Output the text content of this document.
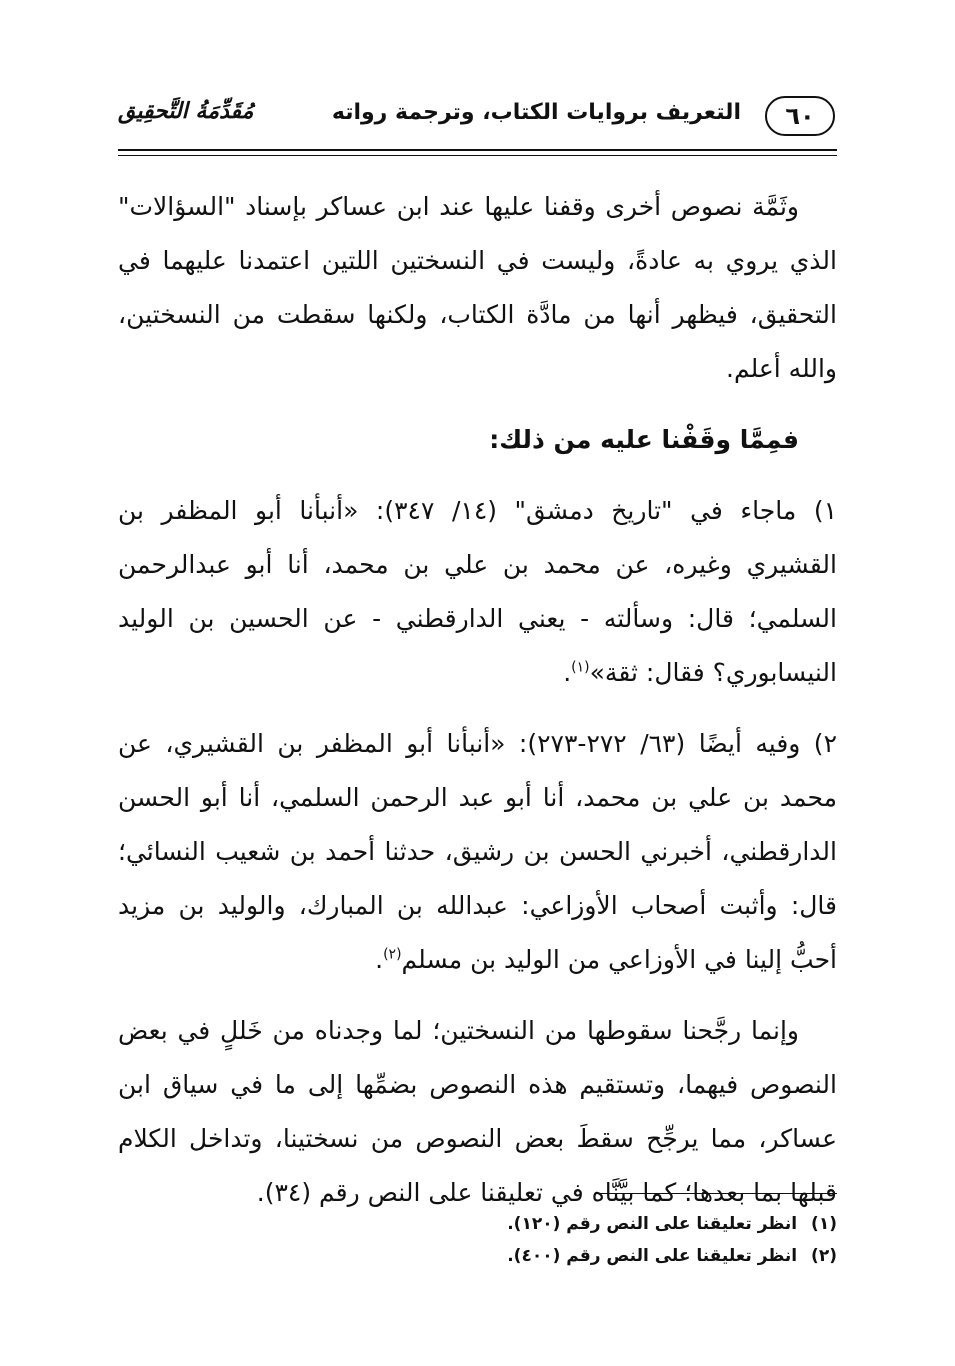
٦٠
التعريف بروايات الكتاب، وترجمة رواته
مُقَدِّمَةُ التَّحقِيق

وثَمَّة نصوص أخرى وقفنا عليها عند ابن عساكر بإسناد "السؤالات" الذي يروي به عادةً، وليست في النسختين اللتين اعتمدنا عليهما في التحقيق، فيظهر أنها من مادَّة الكتاب، ولكنها سقطت من النسختين، والله أعلم.

فمِمَّا وقَفْنا عليه من ذلك:

١) ماجاء في "تاريخ دمشق" (١٤/ ٣٤٧): «أنبأنا أبو المظفر بن القشيري وغيره، عن محمد بن علي بن محمد، أنا أبو عبدالرحمن السلمي؛ قال: وسألته - يعني الدارقطني - عن الحسين بن الوليد النيسابوري؟ فقال: ثقة»$^{(١)}$.

٢) وفيه أيضًا (٦٣/ ٢٧٢-٢٧٣): «أنبأنا أبو المظفر بن القشيري، عن محمد بن علي بن محمد، أنا أبو عبد الرحمن السلمي، أنا أبو الحسن الدارقطني، أخبرني الحسن بن رشيق، حدثنا أحمد بن شعيب النسائي؛ قال: وأثبت أصحاب الأوزاعي: عبدالله بن المبارك، والوليد بن مزيد أحبُّ إلينا في الأوزاعي من الوليد بن مسلم$^{(٢)}$.

وإنما رجَّحنا سقوطها من النسختين؛ لما وجدناه من خَللٍ في بعض النصوص فيهما، وتستقيم هذه النصوص بضمِّها إلى ما في سياق ابن عساكر، مما يرجِّح سقطَ بعض النصوص من نسختينا، وتداخل الكلام قبلها بما بعدها؛ كما بيَّنَّاه في تعليقنا على النص رقم (٣٤).

(١)
انظر تعليقنا على النص رقم (١٢٠).
(٢)
انظر تعليقنا على النص رقم (٤٠٠).
